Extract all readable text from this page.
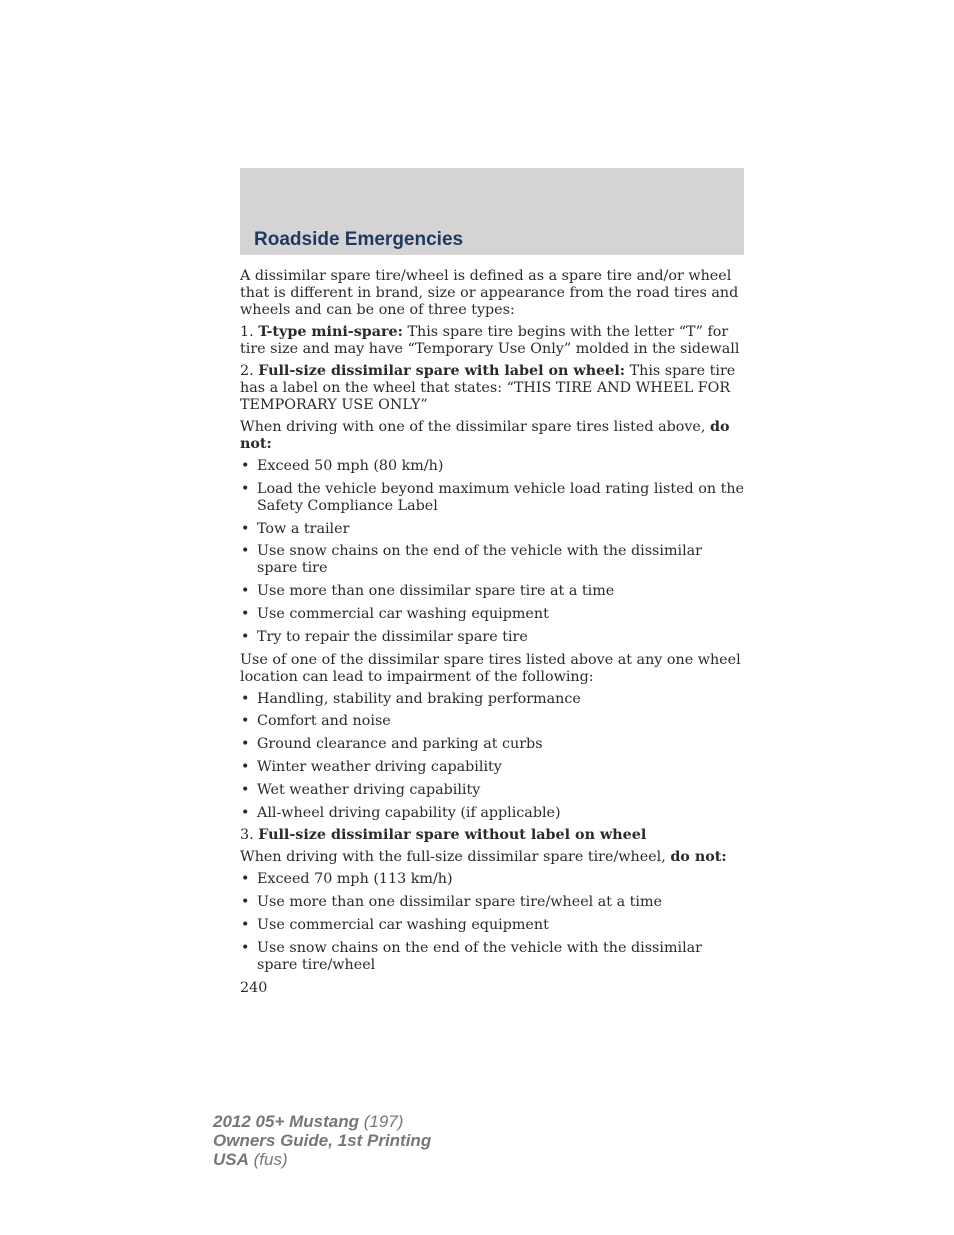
Roadside Emergencies

A dissimilar spare tire/wheel is defined as a spare tire and/or wheel that is different in brand, size or appearance from the road tires and wheels and can be one of three types:

1. T-type mini-spare: This spare tire begins with the letter “T” for tire size and may have “Temporary Use Only” molded in the sidewall

2. Full-size dissimilar spare with label on wheel: This spare tire has a label on the wheel that states: “THIS TIRE AND WHEEL FOR TEMPORARY USE ONLY”

When driving with one of the dissimilar spare tires listed above, do not:

• Exceed 50 mph (80 km/h)
• Load the vehicle beyond maximum vehicle load rating listed on the Safety Compliance Label
• Tow a trailer
• Use snow chains on the end of the vehicle with the dissimilar spare tire
• Use more than one dissimilar spare tire at a time
• Use commercial car washing equipment
• Try to repair the dissimilar spare tire

Use of one of the dissimilar spare tires listed above at any one wheel location can lead to impairment of the following:

• Handling, stability and braking performance
• Comfort and noise
• Ground clearance and parking at curbs
• Winter weather driving capability
• Wet weather driving capability
• All-wheel driving capability (if applicable)

3. Full-size dissimilar spare without label on wheel

When driving with the full-size dissimilar spare tire/wheel, do not:

• Exceed 70 mph (113 km/h)
• Use more than one dissimilar spare tire/wheel at a time
• Use commercial car washing equipment
• Use snow chains on the end of the vehicle with the dissimilar spare tire/wheel
240
2012 05+ Mustang (197)
Owners Guide, 1st Printing
USA (fus)
